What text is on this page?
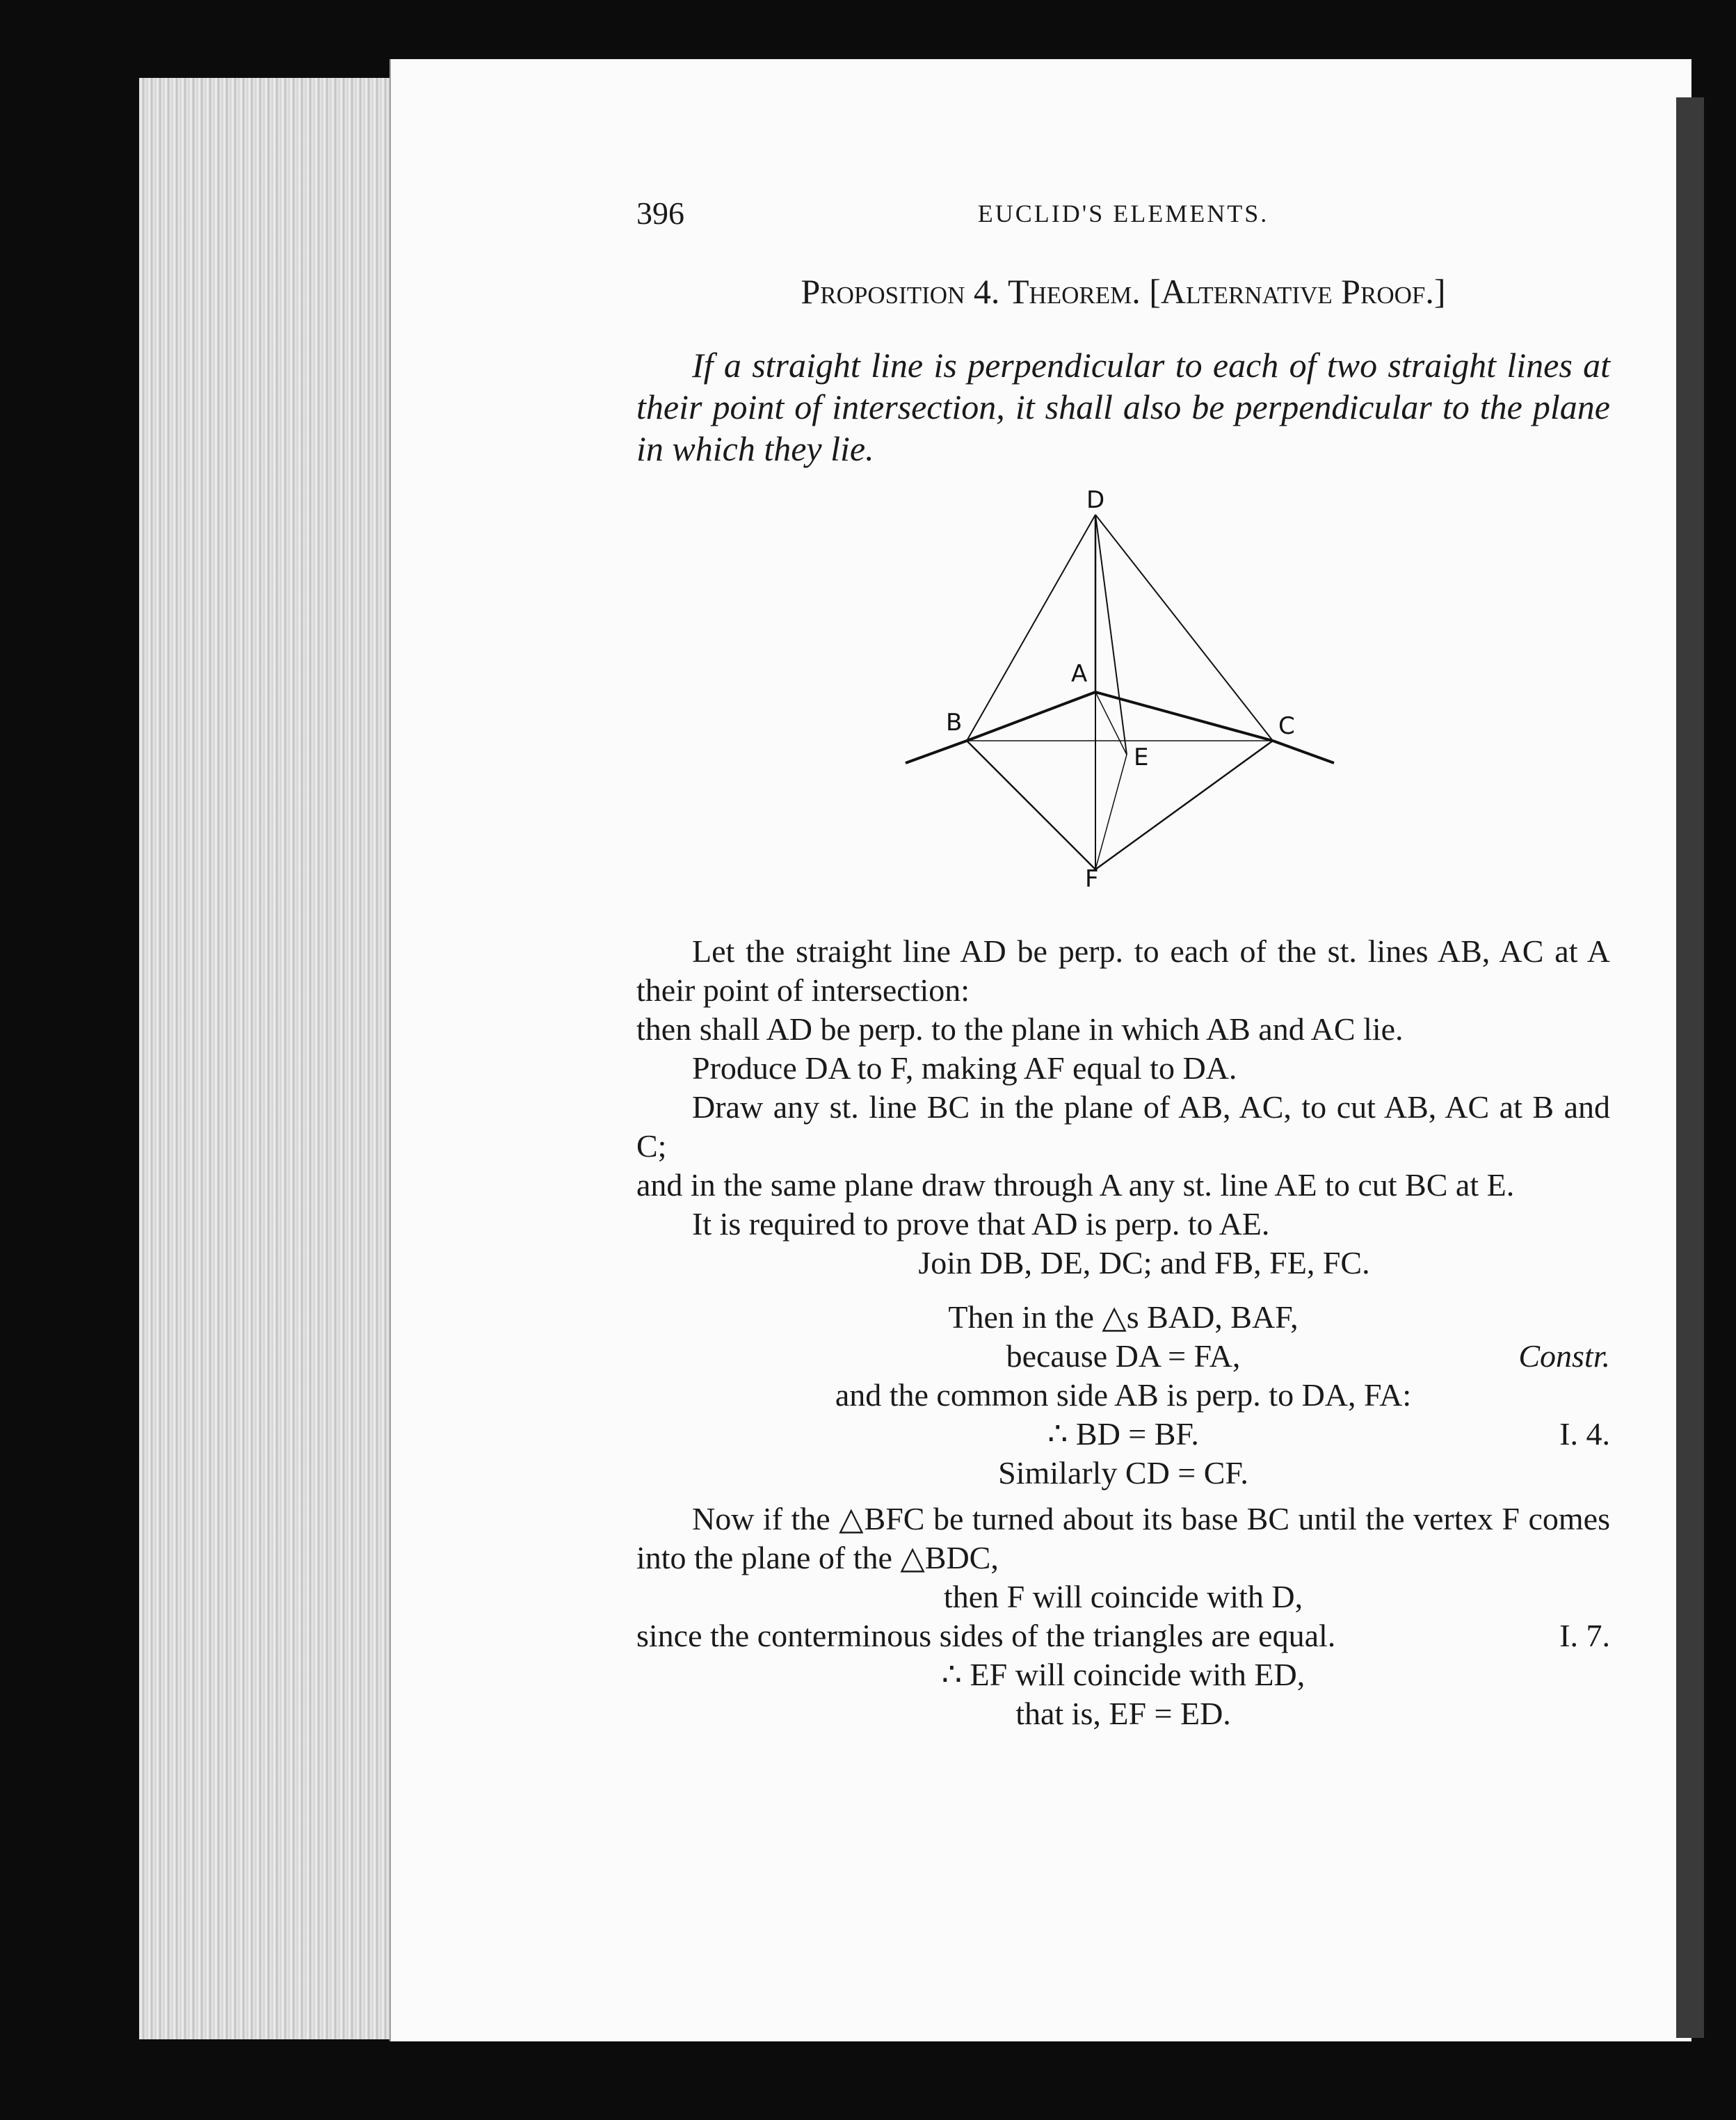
396	EUCLID'S ELEMENTS.
Proposition 4. Theorem. [Alternative Proof.]
If a straight line is perpendicular to each of two straight lines at their point of intersection, it shall also be perpendicular to the plane in which they lie.
D
A
B	C
E
F

Let the straight line AD be perp. to each of the st. lines AB, AC at A their point of intersection:

then shall AD be perp. to the plane in which AB and AC lie.

Produce DA to F, making AF equal to DA.

Draw any st. line BC in the plane of AB, AC, to cut AB, AC at B and C;

and in the same plane draw through A any st. line AE to cut BC at E.

It is required to prove that AD is perp. to AE.

Join DB, DE, DC; and FB, FE, FC.

Then in the △s BAD, BAF,
because DA = FA,	Constr.
and the common side AB is perp. to DA, FA:
∴ BD = BF.	I. 4.
Similarly CD = CF.

Now if the △BFC be turned about its base BC until the vertex F comes into the plane of the △BDC,

then F will coincide with D,
since the conterminous sides of the triangles are equal.	I. 7.
∴ EF will coincide with ED,
that is, EF = ED.
